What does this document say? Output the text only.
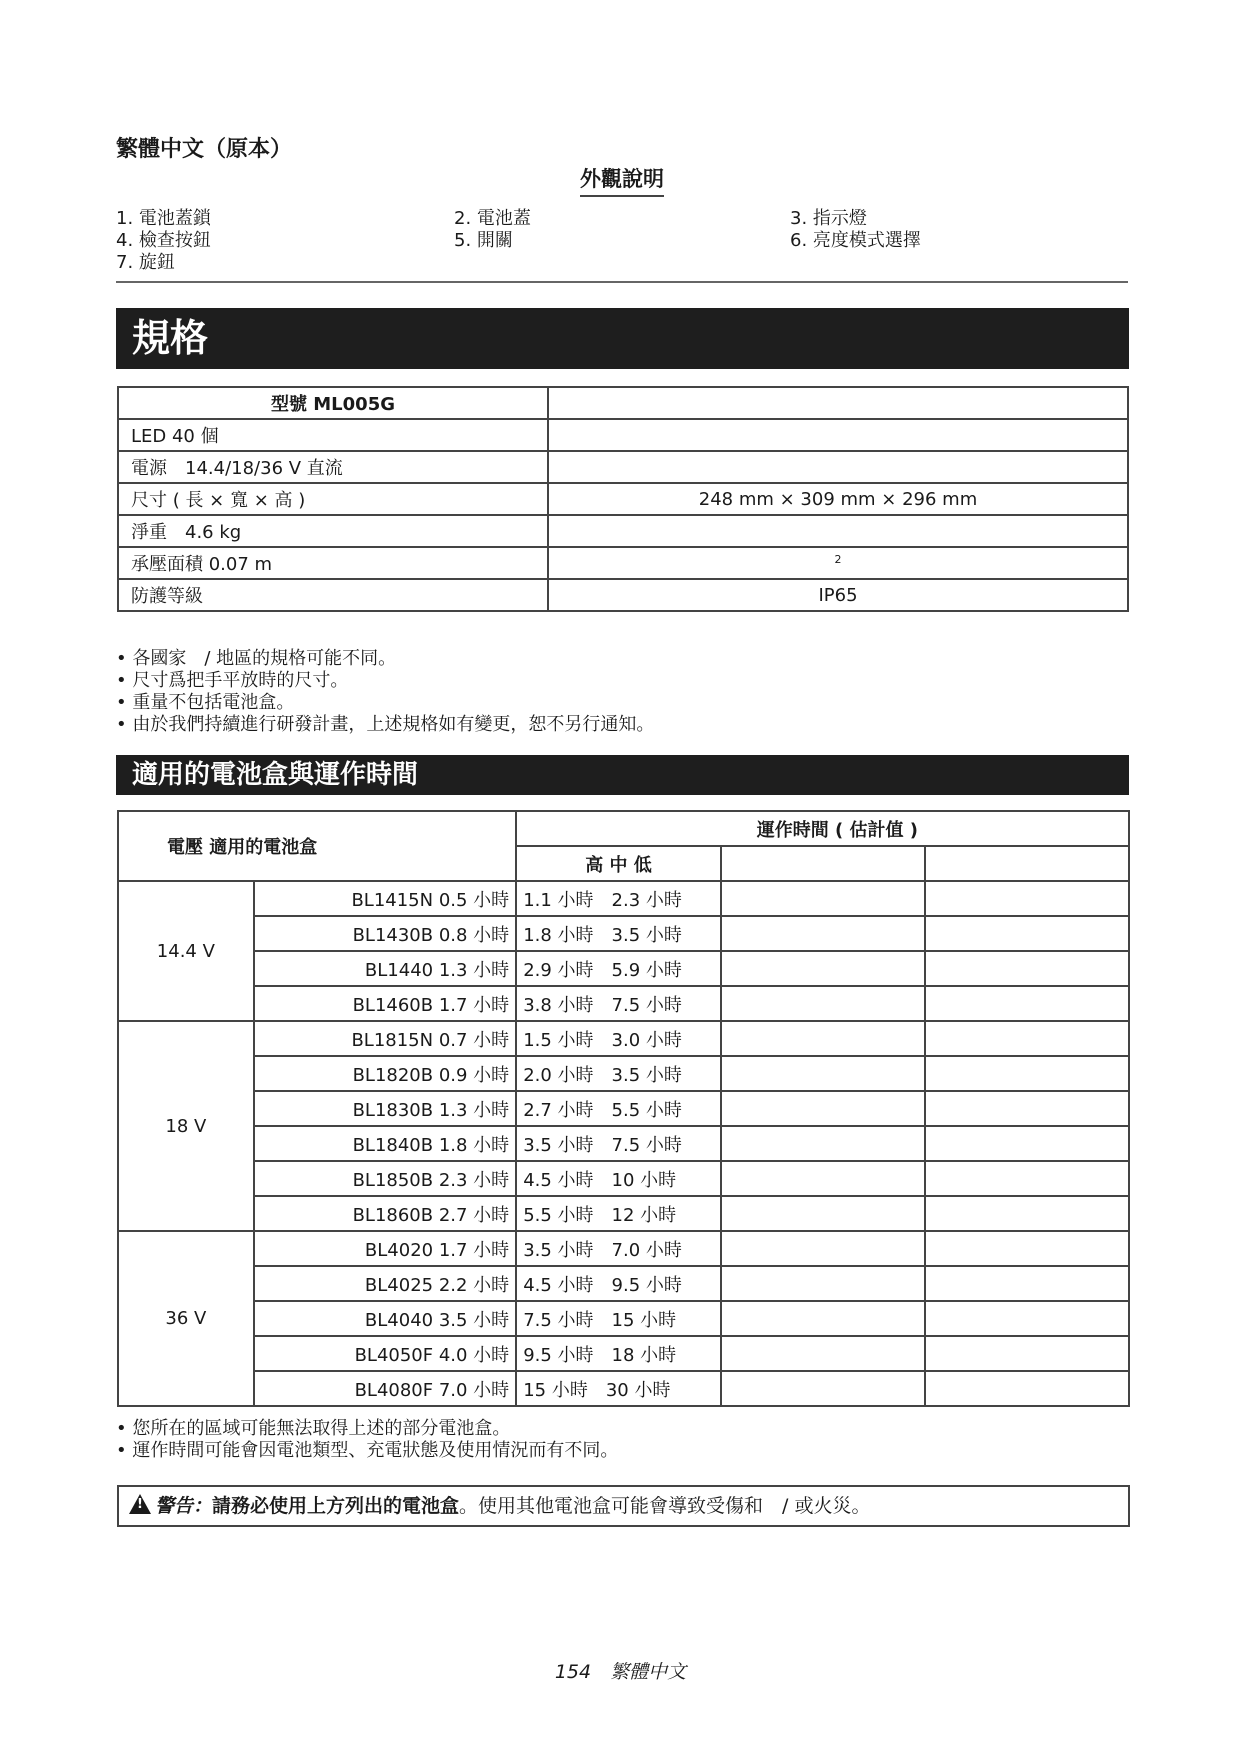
繁體中文（原本）
外觀說明
1. 電池蓋鎖	2. 電池蓋	3. 指示燈
4. 檢查按鈕	5. 開關	6. 亮度模式選擇
7. 旋鈕
規格
型號 ML005G	
LED 40 個	
電源　14.4/18/36 V 直流	
尺寸 ( 長 × 寬 × 高 )	248 mm × 309 mm × 296 mm
淨重　4.6 kg	
承壓面積 0.07 m	$^2$
防護等級	IP65
• 各國家　/ 地區的規格可能不同。
• 尺寸爲把手平放時的尺寸。
• 重量不包括電池盒。
• 由於我們持續進行研發計畫，上述規格如有變更，恕不另行通知。
適用的電池盒與運作時間
電壓 適用的電池盒		運作時間 ( 估計值 )		
		高 中 低		
14.4 V	BL1415N 0.5 小時	1.1 小時　2.3 小時		
	BL1430B 0.8 小時	1.8 小時　3.5 小時		
	BL1440 1.3 小時	2.9 小時　5.9 小時		
	BL1460B 1.7 小時	3.8 小時　7.5 小時		
18 V	BL1815N 0.7 小時	1.5 小時　3.0 小時		
	BL1820B 0.9 小時	2.0 小時　3.5 小時		
	BL1830B 1.3 小時	2.7 小時　5.5 小時		
	BL1840B 1.8 小時	3.5 小時　7.5 小時		
	BL1850B 2.3 小時	4.5 小時　10 小時		
	BL1860B 2.7 小時	5.5 小時　12 小時		
36 V	BL4020 1.7 小時	3.5 小時　7.0 小時		
	BL4025 2.2 小時	4.5 小時　9.5 小時		
	BL4040 3.5 小時	7.5 小時　15 小時		
	BL4050F 4.0 小時	9.5 小時　18 小時		
	BL4080F 7.0 小時	15 小時　30 小時		
• 您所在的區域可能無法取得上述的部分電池盒。
• 運作時間可能會因電池類型、充電狀態及使用情況而有不同。
!警告：請務必使用上方列出的電池盒。使用其他電池盒可能會導致受傷和　/ 或火災。
154　 繁體中文
